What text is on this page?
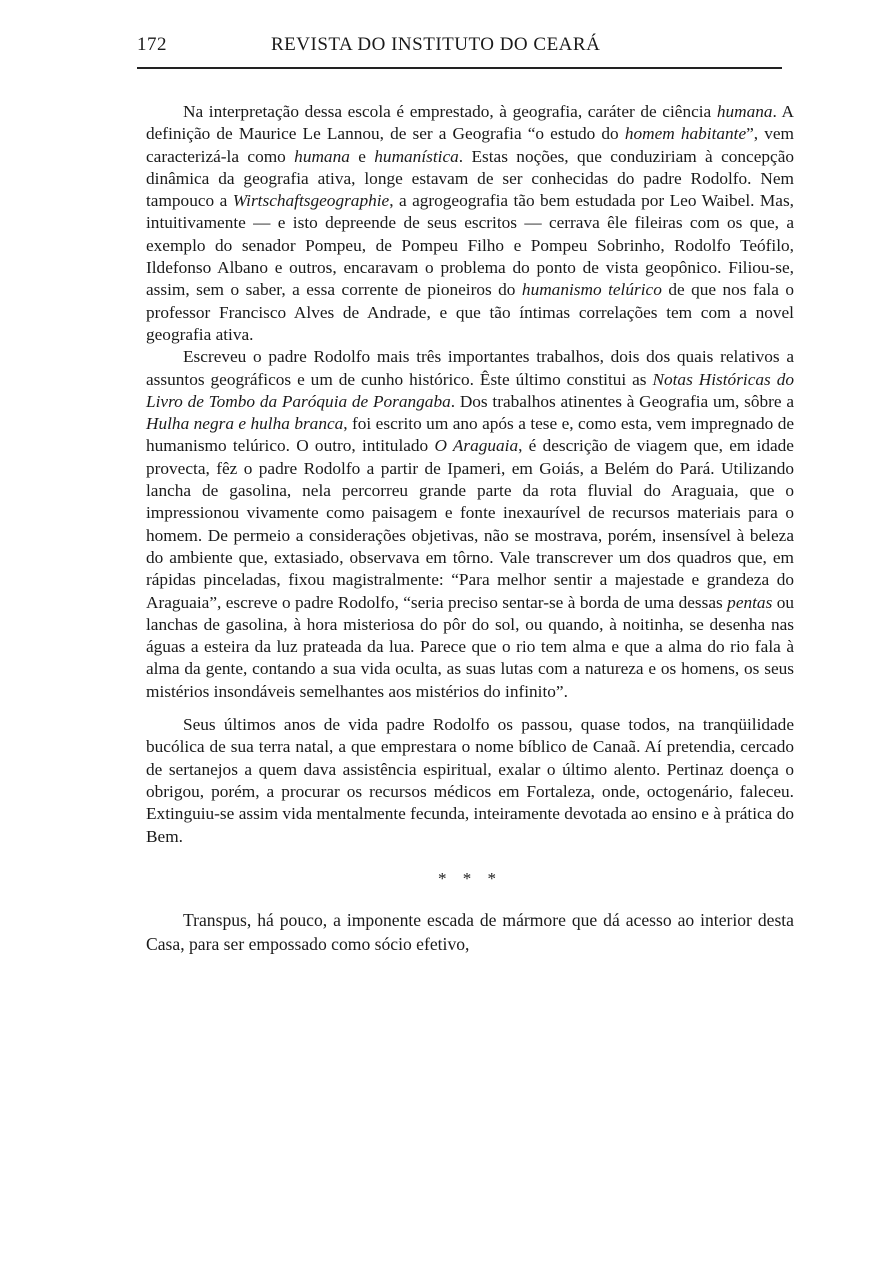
172	REVISTA DO INSTITUTO DO CEARÁ

Na interpretação dessa escola é emprestado, à geografia, caráter de ciência humana. A definição de Maurice Le Lannou, de ser a Geografia “o estudo do homem habitante”, vem caracterizá-la como humana e humanística. Estas noções, que conduziriam à concepção dinâmica da geografia ativa, longe estavam de ser conhecidas do padre Rodolfo. Nem tampouco a Wirtschaftsgeographie, a agrogeografia tão bem estudada por Leo Waibel. Mas, intuitivamente — e isto depreende de seus escritos — cerrava êle fileiras com os que, a exemplo do senador Pompeu, de Pompeu Filho e Pompeu Sobrinho, Rodolfo Teófilo, Ildefonso Albano e outros, encaravam o problema do ponto de vista geopônico. Filiou-se, assim, sem o saber, a essa corrente de pioneiros do humanismo telúrico de que nos fala o professor Francisco Alves de Andrade, e que tão íntimas correlações tem com a novel geografia ativa.

Escreveu o padre Rodolfo mais três importantes trabalhos, dois dos quais relativos a assuntos geográficos e um de cunho histórico. Êste último constitui as Notas Históricas do Livro de Tombo da Paróquia de Porangaba. Dos trabalhos atinentes à Geografia um, sôbre a Hulha negra e hulha branca, foi escrito um ano após a tese e, como esta, vem impregnado de humanismo telúrico. O outro, intitulado O Araguaia, é descrição de viagem que, em idade provecta, fêz o padre Rodolfo a partir de Ipameri, em Goiás, a Belém do Pará. Utilizando lancha de gasolina, nela percorreu grande parte da rota fluvial do Araguaia, que o impressionou vivamente como paisagem e fonte inexaurível de recursos materiais para o homem. De permeio a considerações objetivas, não se mostrava, porém, insensível à beleza do ambiente que, extasiado, observava em tôrno. Vale transcrever um dos quadros que, em rápidas pinceladas, fixou magistralmente: “Para melhor sentir a majestade e grandeza do Araguaia”, escreve o padre Rodolfo, “seria preciso sentar-se à borda de uma dessas pentas ou lanchas de gasolina, à hora misteriosa do pôr do sol, ou quando, à noitinha, se desenha nas águas a esteira da luz prateada da lua. Parece que o rio tem alma e que a alma do rio fala à alma da gente, contando a sua vida oculta, as suas lutas com a natureza e os homens, os seus mistérios insondáveis semelhantes aos mistérios do infinito”.

Seus últimos anos de vida padre Rodolfo os passou, quase todos, na tranqüilidade bucólica de sua terra natal, a que emprestara o nome bíblico de Canaã. Aí pretendia, cercado de sertanejos a quem dava assistência espiritual, exalar o último alento. Pertinaz doença o obrigou, porém, a procurar os recursos médicos em Fortaleza, onde, octogenário, faleceu. Extinguiu-se assim vida mentalmente fecunda, inteiramente devotada ao ensino e à prática do Bem.

* * *

Transpus, há pouco, a imponente escada de mármore que dá acesso ao interior desta Casa, para ser empossado como sócio efetivo,
